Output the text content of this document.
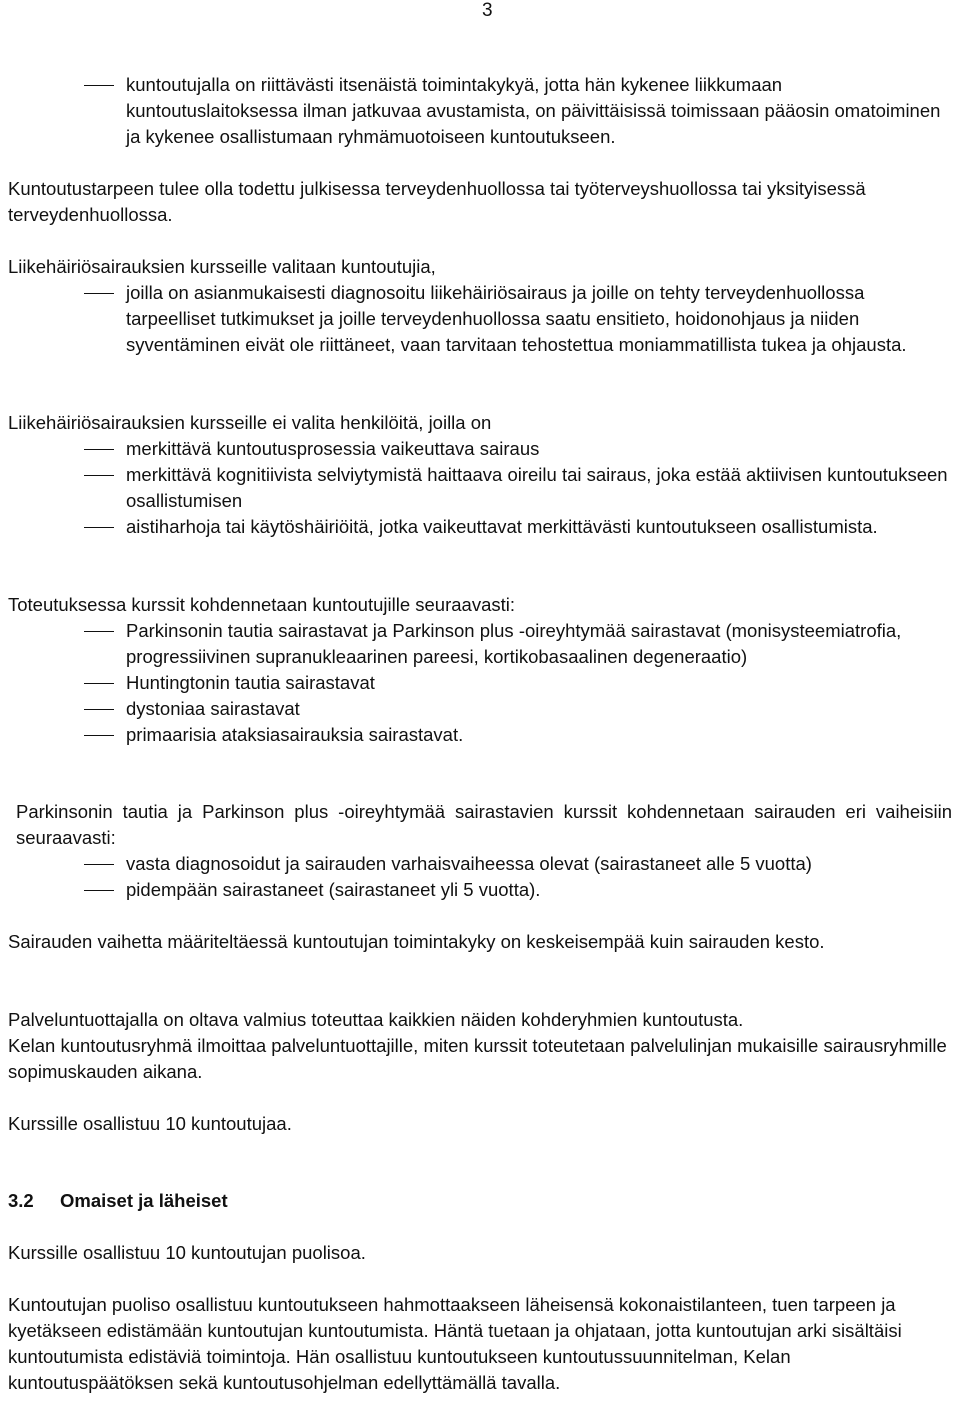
3
kuntoutujalla on riittävästi itsenäistä toimintakykyä, jotta hän kykenee liikkumaan kuntoutuslaitoksessa ilman jatkuvaa avustamista, on päivittäisissä toimissaan pääosin omatoiminen ja kykenee osallistumaan ryhmämuotoiseen kuntoutukseen.

Kuntoutustarpeen tulee olla todettu julkisessa terveydenhuollossa tai työterveyshuollossa tai yksityisessä terveydenhuollossa.

Liikehäiriösairauksien kursseille valitaan kuntoutujia,

joilla on asianmukaisesti diagnosoitu liikehäiriösairaus ja joille on tehty terveydenhuollossa tarpeelliset tutkimukset ja joille terveydenhuollossa saatu ensitieto, hoidonohjaus ja niiden syventäminen eivät ole riittäneet, vaan tarvitaan tehostettua moniammatillista tukea ja ohjausta.

Liikehäiriösairauksien kursseille ei valita henkilöitä, joilla on

merkittävä kuntoutusprosessia vaikeuttava sairaus
merkittävä kognitiivista selviytymistä haittaava oireilu tai sairaus, joka estää aktiivisen kuntoutukseen osallistumisen
aistiharhoja tai käytöshäiriöitä, jotka vaikeuttavat merkittävästi kuntoutukseen osallistumista.

Toteutuksessa kurssit kohdennetaan kuntoutujille seuraavasti:

Parkinsonin tautia sairastavat ja Parkinson plus -oireyhtymää sairastavat (monisysteemiatrofia, progressiivinen supranukleaarinen pareesi, kortikobasaalinen degeneraatio)
Huntingtonin tautia sairastavat
dystoniaa sairastavat
primaarisia ataksiasairauksia sairastavat.

Parkinsonin tautia ja Parkinson plus -oireyhtymää sairastavien kurssit kohdennetaan sairauden eri vaiheisiin seuraavasti:

vasta diagnosoidut ja sairauden varhaisvaiheessa olevat (sairastaneet alle 5 vuotta)
pidempään sairastaneet (sairastaneet yli 5 vuotta).

Sairauden vaihetta määriteltäessä kuntoutujan toimintakyky on keskeisempää kuin sairauden kesto.

Palveluntuottajalla on oltava valmius toteuttaa kaikkien näiden kohderyhmien kuntoutusta.

Kelan kuntoutusryhmä ilmoittaa palveluntuottajille, miten kurssit toteutetaan palvelulinjan mukaisille sairausryhmille sopimuskauden aikana.

Kurssille osallistuu 10 kuntoutujaa.

3.2 Omaiset ja läheiset

Kurssille osallistuu 10 kuntoutujan puolisoa.

Kuntoutujan puoliso osallistuu kuntoutukseen hahmottaakseen läheisensä kokonaistilanteen, tuen tarpeen ja kyetäkseen edistämään kuntoutujan kuntoutumista. Häntä tuetaan ja ohjataan, jotta kuntoutujan arki sisältäisi kuntoutumista edistäviä toimintoja. Hän osallistuu kuntoutukseen kuntoutussuunnitelman, Kelan kuntoutuspäätöksen sekä kuntoutusohjelman edellyttämällä tavalla.
